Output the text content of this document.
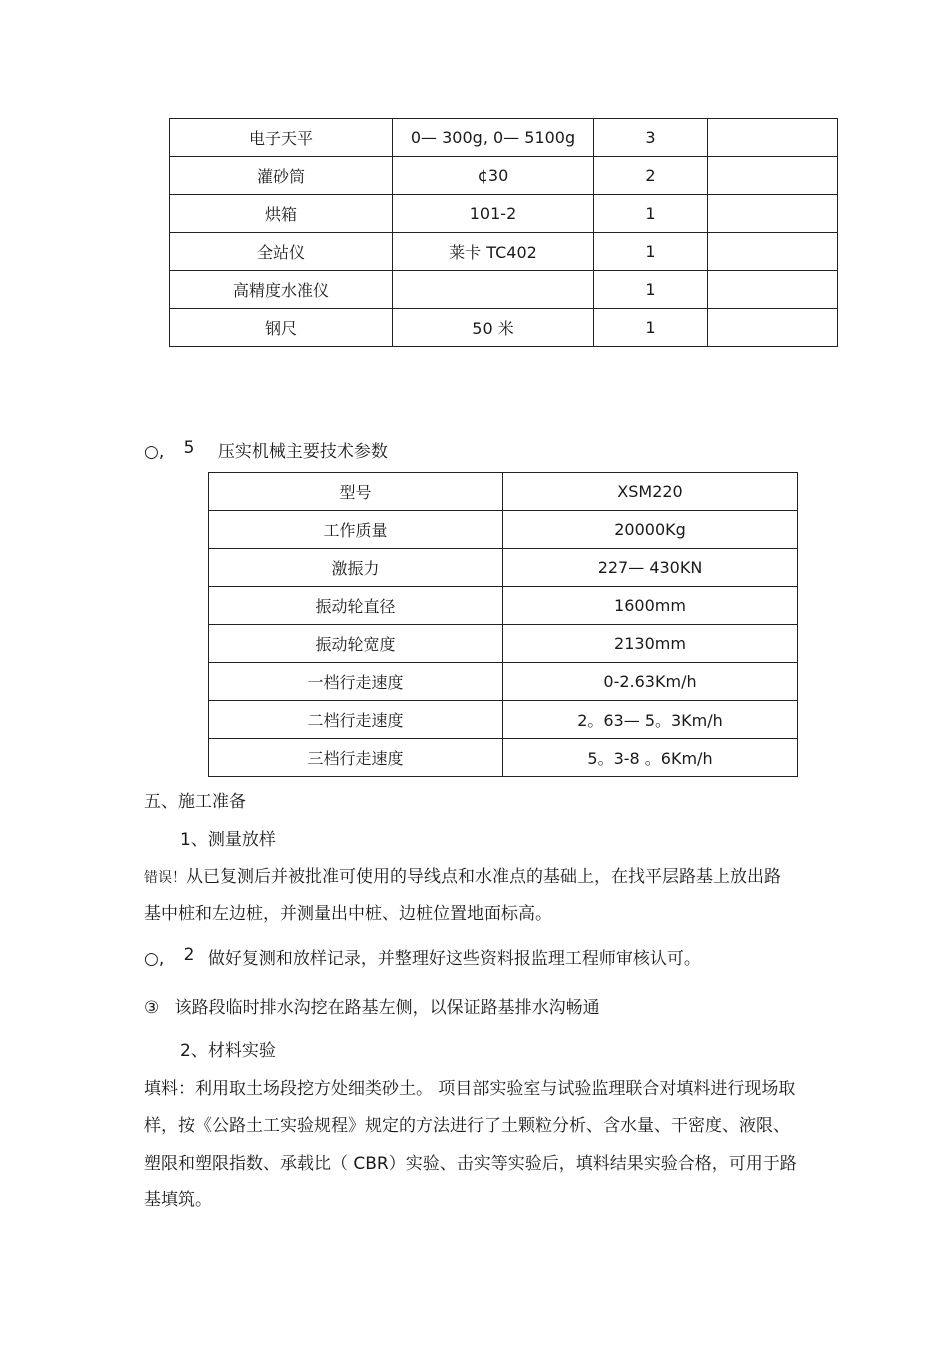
电子天平	0— 300g, 0— 5100g	3	
灌砂筒	¢30	2	
烘箱	101-2	1	
全站仪	莱卡 TC402	1	
高精度水准仪		1	
钢尺	50 米	1	
○, 5 压实机械主要技术参数
型号	XSM220
工作质量	20000Kg
激振力	227— 430KN
振动轮直径	1600mm
振动轮宽度	2130mm
一档行走速度	0-2.63Km/h
二档行走速度	2。63— 5。3Km/h
三档行走速度	5。3-8 。6Km/h
五、施工准备
1、测量放样
错误！从已复测后并被批准可使用的导线点和水准点的基础上，在找平层路基上放出路
基中桩和左边桩，并测量出中桩、边桩位置地面标高。
○, 2 做好复测和放样记录，并整理好这些资料报监理工程师审核认可。
③ 该路段临时排水沟挖在路基左侧，以保证路基排水沟畅通
2、材料实验
填料：利用取土场段挖方处细类砂土。 项目部实验室与试验监理联合对填料进行现场取
样，按《公路土工实验规程》规定的方法进行了土颗粒分析、含水量、干密度、液限、
塑限和塑限指数、承载比（ CBR）实验、击实等实验后，填料结果实验合格，可用于路
基填筑。
